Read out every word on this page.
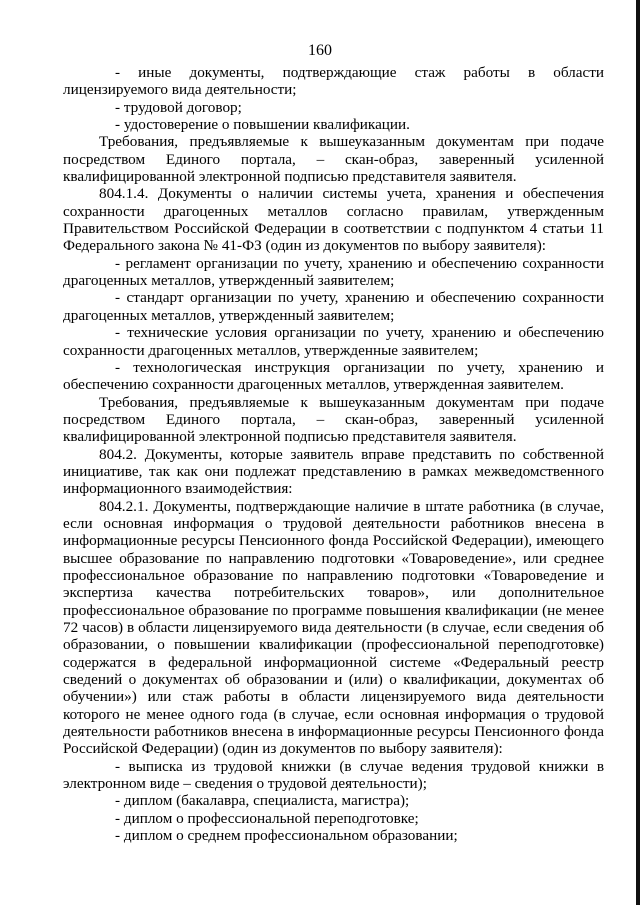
160

- иные документы, подтверждающие стаж работы в области лицензируемого вида деятельности;

- трудовой договор;

- удостоверение о повышении квалификации.

Требования, предъявляемые к вышеуказанным документам при подаче посредством Единого портала, – скан-образ, заверенный усиленной квалифицированной электронной подписью представителя заявителя.

804.1.4. Документы о наличии системы учета, хранения и обеспечения сохранности драгоценных металлов согласно правилам, утвержденным Правительством Российской Федерации в соответствии с подпунктом 4 статьи 11 Федерального закона № 41-ФЗ (один из документов по выбору заявителя):

- регламент организации по учету, хранению и обеспечению сохранности драгоценных металлов, утвержденный заявителем;

- стандарт организации по учету, хранению и обеспечению сохранности драгоценных металлов, утвержденный заявителем;

- технические условия организации по учету, хранению и обеспечению сохранности драгоценных металлов, утвержденные заявителем;

- технологическая инструкция организации по учету, хранению и обеспечению сохранности драгоценных металлов, утвержденная заявителем.

Требования, предъявляемые к вышеуказанным документам при подаче посредством Единого портала, – скан-образ, заверенный усиленной квалифицированной электронной подписью представителя заявителя.

804.2. Документы, которые заявитель вправе представить по собственной инициативе, так как они подлежат представлению в рамках межведомственного информационного взаимодействия:

804.2.1. Документы, подтверждающие наличие в штате работника (в случае, если основная информация о трудовой деятельности работников внесена в информационные ресурсы Пенсионного фонда Российской Федерации), имеющего высшее образование по направлению подготовки «Товароведение», или среднее профессиональное образование по направлению подготовки «Товароведение и экспертиза качества потребительских товаров», или дополнительное профессиональное образование по программе повышения квалификации (не менее 72 часов) в области лицензируемого вида деятельности (в случае, если сведения об образовании, о повышении квалификации (профессиональной переподготовке) содержатся в федеральной информационной системе «Федеральный реестр сведений о документах об образовании и (или) о квалификации, документах об обучении») или стаж работы в области лицензируемого вида деятельности которого не менее одного года (в случае, если основная информация о трудовой деятельности работников внесена в информационные ресурсы Пенсионного фонда Российской Федерации) (один из документов по выбору заявителя):

- выписка из трудовой книжки (в случае ведения трудовой книжки в электронном виде – сведения о трудовой деятельности);

- диплом (бакалавра, специалиста, магистра);

- диплом о профессиональной переподготовке;

- диплом о среднем профессиональном образовании;
